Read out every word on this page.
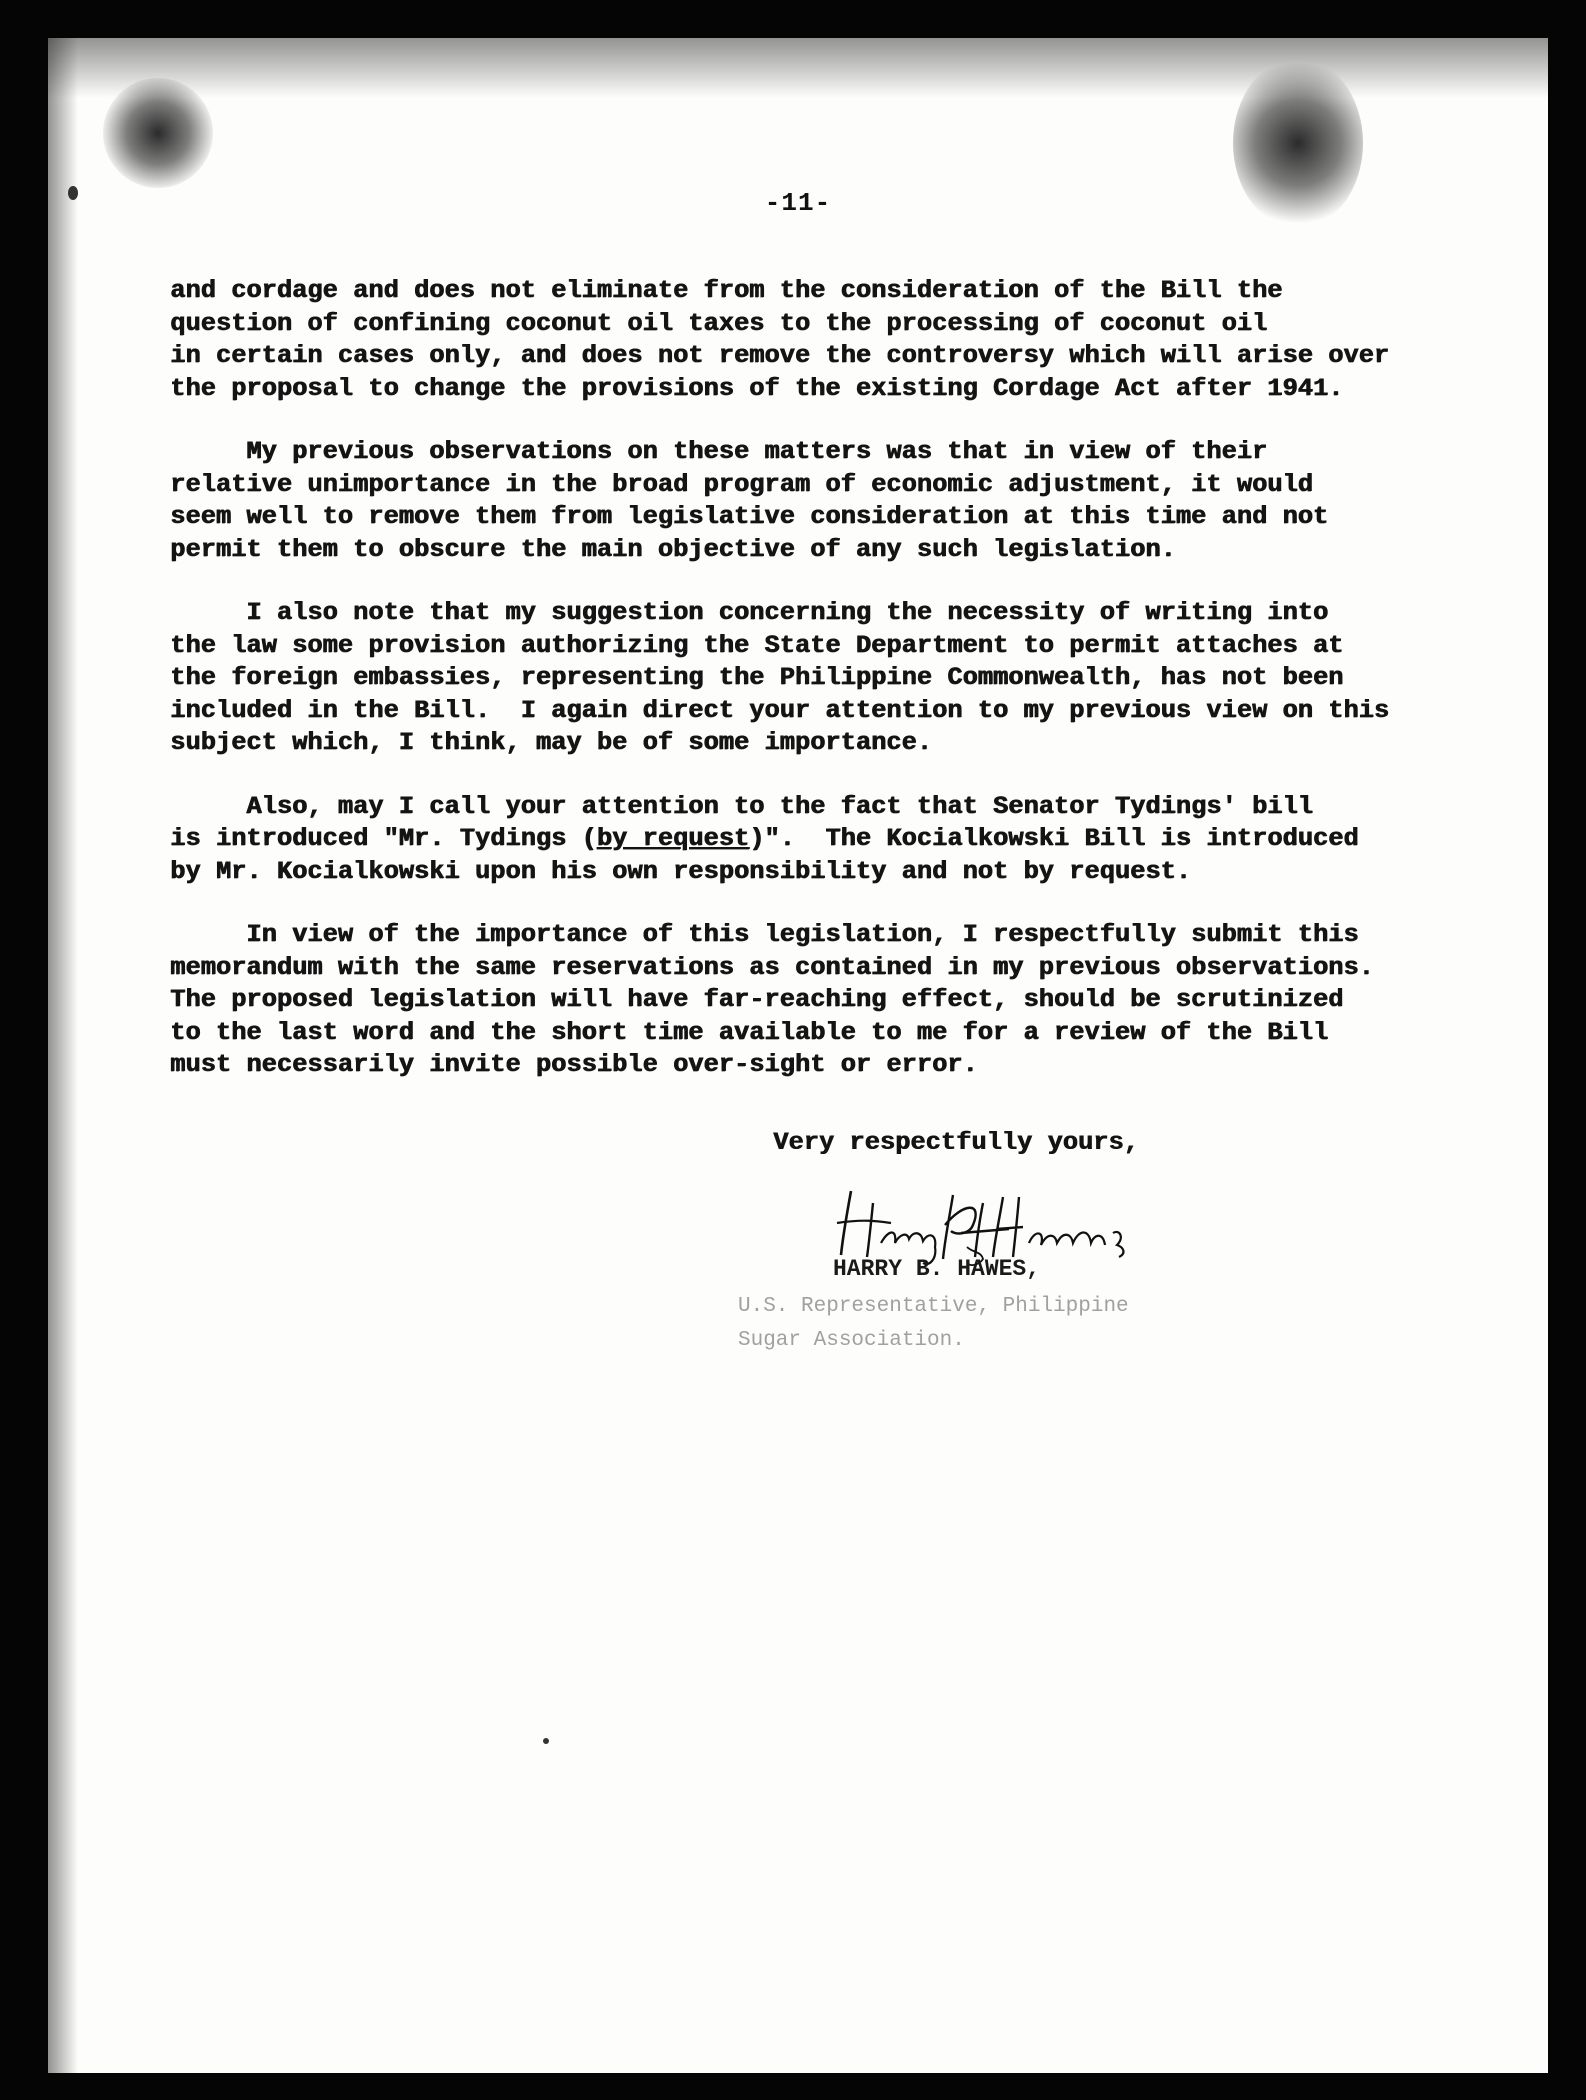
-11-
and cordage and does not eliminate from the consideration of the Bill the
question of confining coconut oil taxes to the processing of coconut oil
in certain cases only, and does not remove the controversy which will arise over
the proposal to change the provisions of the existing Cordage Act after 1941.
My previous observations on these matters was that in view of their
relative unimportance in the broad program of economic adjustment, it would
seem well to remove them from legislative consideration at this time and not
permit them to obscure the main objective of any such legislation.
I also note that my suggestion concerning the necessity of writing into
the law some provision authorizing the State Department to permit attaches at
the foreign embassies, representing the Philippine Commonwealth, has not been
included in the Bill.  I again direct your attention to my previous view on this
subject which, I think, may be of some importance.
Also, may I call your attention to the fact that Senator Tydings' bill
is introduced "Mr. Tydings (by request)".  The Kocialkowski Bill is introduced
by Mr. Kocialkowski upon his own responsibility and not by request.
In view of the importance of this legislation, I respectfully submit this
memorandum with the same reservations as contained in my previous observations.
The proposed legislation will have far-reaching effect, should be scrutinized
to the last word and the short time available to me for a review of the Bill
must necessarily invite possible over-sight or error.
Very respectfully yours,
HARRY B. HAWES,
U.S. Representative, Philippine
Sugar Association.
